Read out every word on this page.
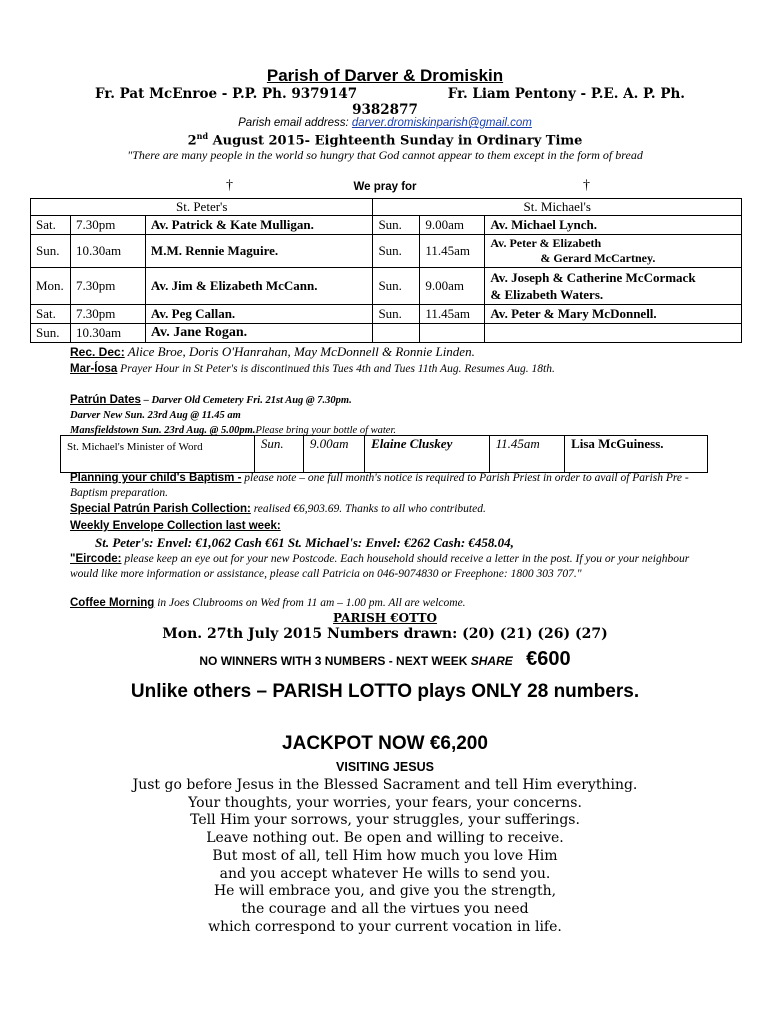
Parish of Darver & Dromiskin
Fr. Pat McEnroe - P.P. Ph. 9379147	Fr. Liam Pentony - P.E. A. P. Ph.
9382877
Parish email address: darver.dromiskinparish@gmail.com
2nd August 2015- Eighteenth Sunday in Ordinary Time
"There are many people in the world so hungry that God cannot appear to them except in the form of bread
†	We pray for	†
St. Peter's			St. Michael's		
Sat.	7.30pm	Av. Patrick & Kate Mulligan.	Sun.	9.00am	Av. Michael Lynch.
Sun.	10.30am	M.M. Rennie Maguire.	Sun.	11.45am	Av. Peter & Elizabeth
& Gerard McCartney.

Mon.	7.30pm	Av. Jim & Elizabeth McCann.	Sun.	9.00am	Av. Joseph & Catherine McCormack
& Elizabeth Waters.

Sat.	7.30pm	Av. Peg Callan.	Sun.	11.45am	Av. Peter & Mary McDonnell.
Sun.	10.30am	Av. Jane Rogan.			
Rec. Dec: Alice Broe, Doris O'Hanrahan, May McDonnell & Ronnie Linden.
Mar-Íosa Prayer Hour in St Peter's is discontinued this Tues 4th and Tues 11th Aug. Resumes Aug. 18th.
Patrún Dates – Darver Old Cemetery Fri. 21st Aug @ 7.30pm.
Darver New Sun. 23rd Aug @ 11.45 am
Mansfieldstown Sun. 23rd Aug. @ 5.00pm.Please bring your bottle of water.
St. Michael's Minister of Word	Sun.	9.00am	Elaine Cluskey	11.45am	Lisa McGuiness.
Planning your child's Baptism - please note – one full month's notice is required to Parish Priest in order to avail of Parish Pre - Baptism preparation.
Special Patrún Parish Collection: realised €6,903.69. Thanks to all who contributed.
Weekly Envelope Collection last week:
St. Peter's: Envel: €1,062 Cash €61 St. Michael's: Envel: €262 Cash: €458.04,
"Eircode: please keep an eye out for your new Postcode. Each household should receive a letter in the post. If you or your neighbour would like more information or assistance, please call Patricia on 046-9074830 or Freephone: 1800 303 707."
Coffee Morning in Joes Clubrooms on Wed from 11 am – 1.00 pm. All are welcome.
PARISH €OTTO
Mon. 27th July 2015 Numbers drawn: (20) (21) (26) (27)
NO WINNERS WITH 3 NUMBERS - NEXT WEEK SHARE €600
Unlike others – PARISH LOTTO plays ONLY 28 numbers.
JACKPOT NOW €6,200
VISITING JESUS
Just go before Jesus in the Blessed Sacrament and tell Him everything.
Your thoughts, your worries, your fears, your concerns.
Tell Him your sorrows, your struggles, your sufferings.
Leave nothing out. Be open and willing to receive.
But most of all, tell Him how much you love Him
and you accept whatever He wills to send you.
He will embrace you, and give you the strength,
the courage and all the virtues you need
which correspond to your current vocation in life.
